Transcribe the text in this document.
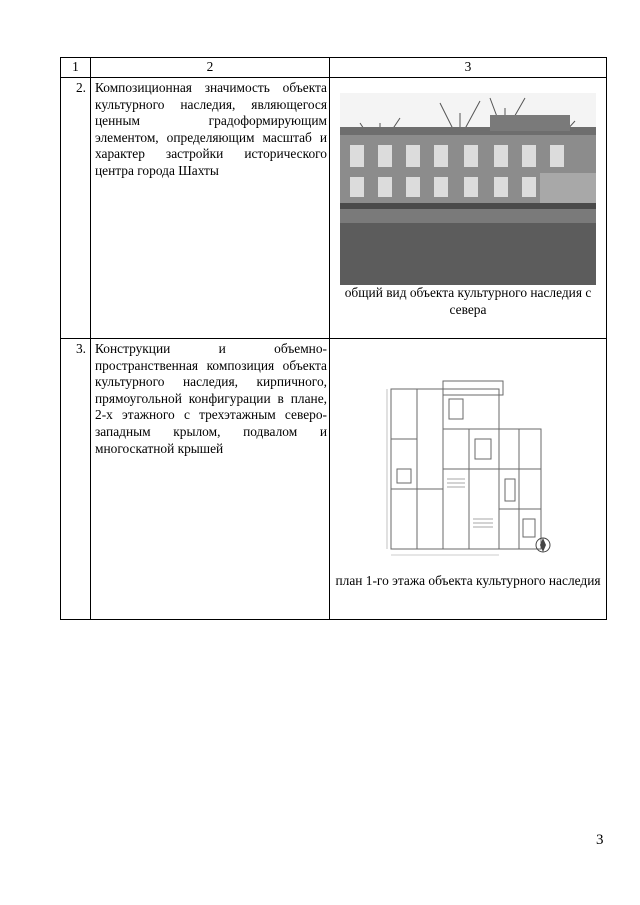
1	2	3
2.	Композиционная значимость объекта культурного наследия, являющегося ценным градоформирующим элементом, определяющим масштаб и характер застройки исторического центра города Шахты	общий вид объекта культурного наследия с севера

3.	Конструкции и объемно-пространственная композиция объекта культурного наследия, кирпичного, прямоугольной конфигурации в плане, 2-х этажного с трехэтажным северо-западным крылом, подвалом и многоскатной крышей	план 1-го этажа объекта культурного наследия
3
